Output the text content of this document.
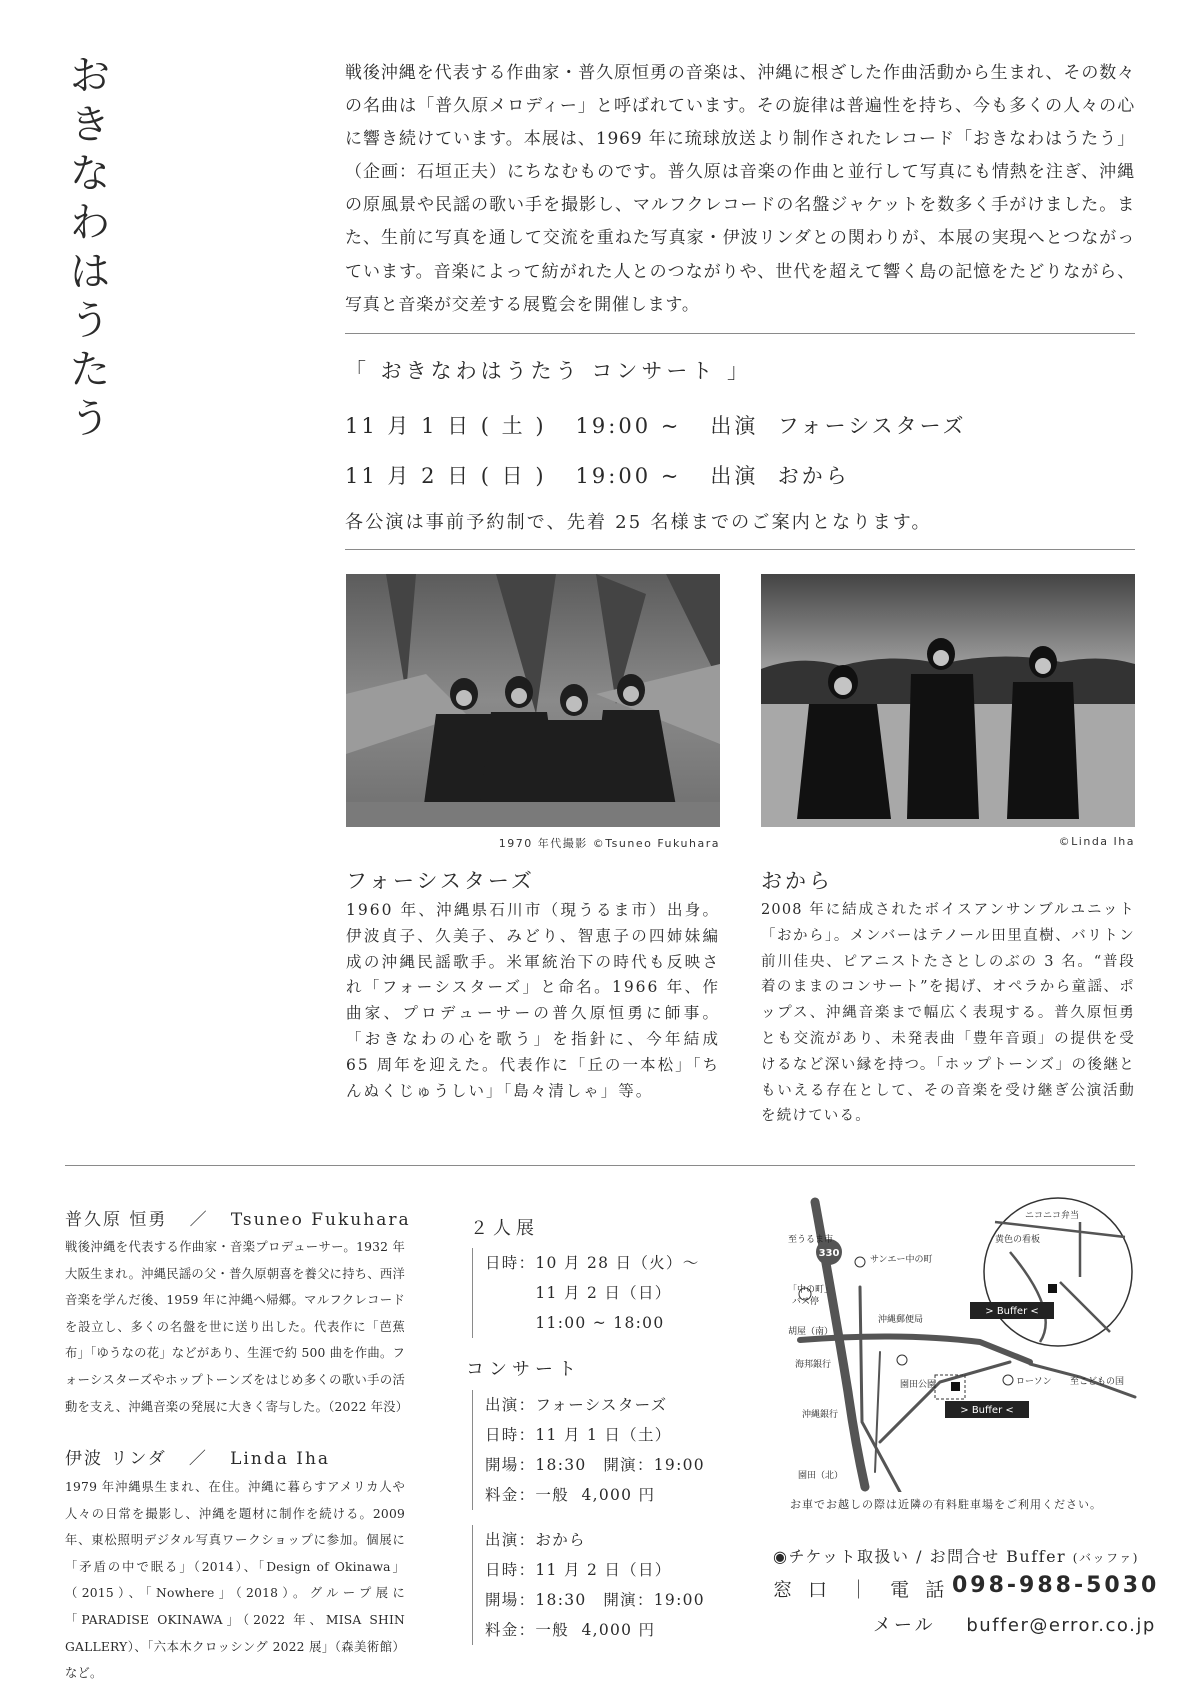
おきなわはうたう
戦後沖縄を代表する作曲家・普久原恒勇の音楽は、沖縄に根ざした作曲活動から生まれ、その数々の名曲は「普久原メロディー」と呼ばれています。その旋律は普遍性を持ち、今も多くの人々の心に響き続けています。本展は、1969 年に琉球放送より制作されたレコード「おきなわはうたう」（企画：石垣正夫）にちなむものです。普久原は音楽の作曲と並行して写真にも情熱を注ぎ、沖縄の原風景や民謡の歌い手を撮影し、マルフクレコードの名盤ジャケットを数多く手がけました。また、生前に写真を通して交流を重ねた写真家・伊波リンダとの関わりが、本展の実現へとつながっています。音楽によって紡がれた人とのつながりや、世代を超えて響く島の記憶をたどりながら、写真と音楽が交差する展覧会を開催します。
「 おきなわはうたう コンサート 」
11 月 1 日 ( 土 )   19:00 ~   出演  フォーシスターズ
11 月 2 日 ( 日 )   19:00 ~   出演  おから
各公演は事前予約制で、先着 25 名様までのご案内となります。
1970 年代撮影 ©Tsuneo Fukuhara	©Linda Iha
フォーシスターズ
1960 年、沖縄県石川市（現うるま市）出身。伊波貞子、久美子、みどり、智恵子の四姉妹編成の沖縄民謡歌手。米軍統治下の時代も反映され「フォーシスターズ」と命名。1966 年、作曲家、プロデューサーの普久原恒勇に師事。「おきなわの心を歌う」を指針に、今年結成 65 周年を迎えた。代表作に「丘の一本松」「ちんぬくじゅうしい」「島々清しゃ」等。
おから
2008 年に結成されたボイスアンサンブルユニット「おから」。メンバーはテノール田里直樹、バリトン前川佳央、ピアニストたさとしのぶの 3 名。“普段着のままのコンサート”を掲げ、オペラから童謡、ポップス、沖縄音楽まで幅広く表現する。普久原恒勇とも交流があり、未発表曲「豊年音頭」の提供を受けるなど深い縁を持つ。「ホップトーンズ」の後継ともいえる存在として、その音楽を受け継ぎ公演活動を続けている。
普久原 恒勇   ／   Tsuneo Fukuhara
戦後沖縄を代表する作曲家・音楽プロデューサー。1932 年大阪生まれ。沖縄民謡の父・普久原朝喜を養父に持ち、西洋音楽を学んだ後、1959 年に沖縄へ帰郷。マルフクレコードを設立し、多くの名盤を世に送り出した。代表作に「芭蕉布」「ゆうなの花」などがあり、生涯で約 500 曲を作曲。フォーシスターズやホップトーンズをはじめ多くの歌い手の活動を支え、沖縄音楽の発展に大きく寄与した。（2022 年没）
伊波 リンダ   ／   Linda Iha
1979 年沖縄県生まれ、在住。沖縄に暮らすアメリカ人や人々の日常を撮影し、沖縄を題材に制作を続ける。2009 年、東松照明デジタル写真ワークショップに参加。個展に「矛盾の中で眠る」（2014）、「Design of Okinawa」（2015）、「Nowhere」（2018）。グループ展に「PARADISE OKINAWA」（2022 年、MISA SHIN GALLERY）、「六本木クロッシング 2022 展」（森美術館）など。
２人展
日時：10 月 28 日（火）〜
　　　11 月 2 日（日）
　　　11:00 ~ 18:00
コンサート
出演：フォーシスターズ
日時：11 月 1 日（土）
開場：18:30　開演：19:00
料金：一般  4,000 円
出演：おから
日時：11 月 2 日（日）
開場：18:30　開演：19:00
料金：一般  4,000 円
330
> Buffer <
> Buffer <
至うるま市
サンエー中の町
「中の町」
バス停
沖縄郵便局
胡屋（南）
海邦銀行
園田公園
沖縄銀行
ローソン 至こどもの国
園田（北）
ニコニコ弁当
黄色の看板
お車でお越しの際は近隣の有料駐車場をご利用ください。
◉チケット取扱い / お問合せ Buffer (バッファ)
窓 口 ｜ 電 話 098-988-5030
メール buffer@error.co.jp
